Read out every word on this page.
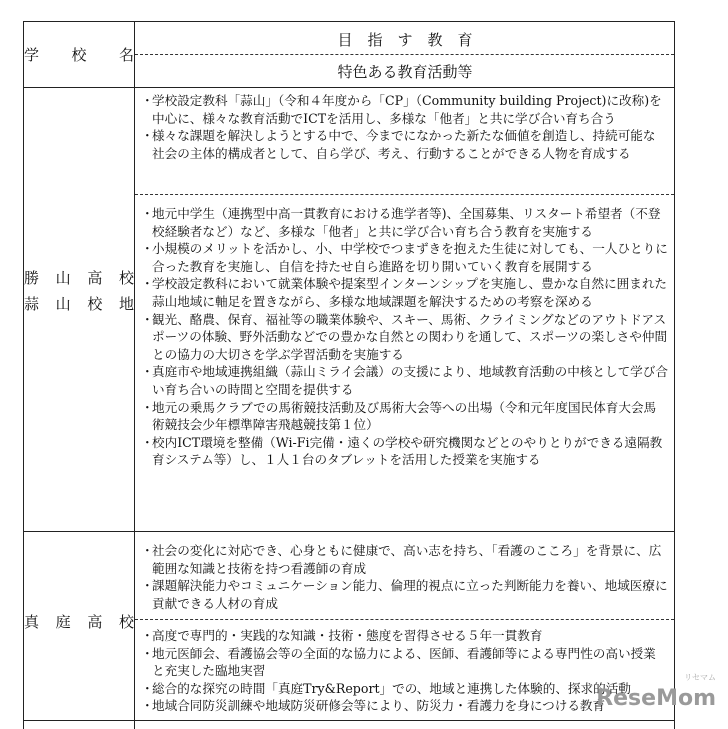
学　校　名
目　指　す　教　育
特色ある教育活動等
勝　山　高　校
蒜　山　校　地
・
学校設定教科「蒜山」（令和４年度から「CP」（Community building Project)に改称)を中心に、様々な教育活動でICTを活用し、多様な「他者」と共に学び合い育ち合う
・
様々な課題を解決しようとする中で、今までになかった新たな価値を創造し、持続可能な社会の主体的構成者として、自ら学び、考え、行動することができる人物を育成する
・
地元中学生（連携型中高一貫教育における進学者等)、全国募集、リスタート希望者（不登校経験者など）など、多様な「他者」と共に学び合い育ち合う教育を実施する
・
小規模のメリットを活かし、小、中学校でつまずきを抱えた生徒に対しても、一人ひとりに合った教育を実施し、自信を持たせ自ら進路を切り開いていく教育を展開する
・
学校設定教科において就業体験や提案型インターンシップを実施し、豊かな自然に囲まれた蒜山地域に軸足を置きながら、多様な地域課題を解決するための考察を深める
・
観光、酪農、保育、福祉等の職業体験や、スキー、馬術、クライミングなどのアウトドアスポーツの体験、野外活動などでの豊かな自然との関わりを通して、スポーツの楽しさや仲間との協力の大切さを学ぶ学習活動を実施する
・
真庭市や地域連携組織（蒜山ミライ会議）の支援により、地域教育活動の中核として学び合い育ち合いの時間と空間を提供する
・
地元の乗馬クラブでの馬術競技活動及び馬術大会等への出場（令和元年度国民体育大会馬術競技会少年標準障害飛越競技第１位）
・
校内ICT環境を整備（Wi-Fi完備・遠くの学校や研究機関などとのやりとりができる遠隔教育システム等）し、１人１台のタブレットを活用した授業を実施する
真　庭　高　校
・
社会の変化に対応でき、心身ともに健康で、高い志を持ち、「看護のこころ」を背景に、広範囲な知識と技術を持つ看護師の育成
・
課題解決能力やコミュニケーション能力、倫理的視点に立った判断能力を養い、地域医療に貢献できる人材の育成
・
高度で専門的・実践的な知識・技術・態度を習得させる５年一貫教育
・
地元医師会、看護協会等の全面的な協力による、医師、看護師等による専門性の高い授業と充実した臨地実習
・
総合的な探究の時間「真庭Try&Report」での、地域と連携した体験的、探求的活動
・
地域合同防災訓練や地域防災研修会等により、防災力・看護力を身につける教育
リセマム
ReseMom
